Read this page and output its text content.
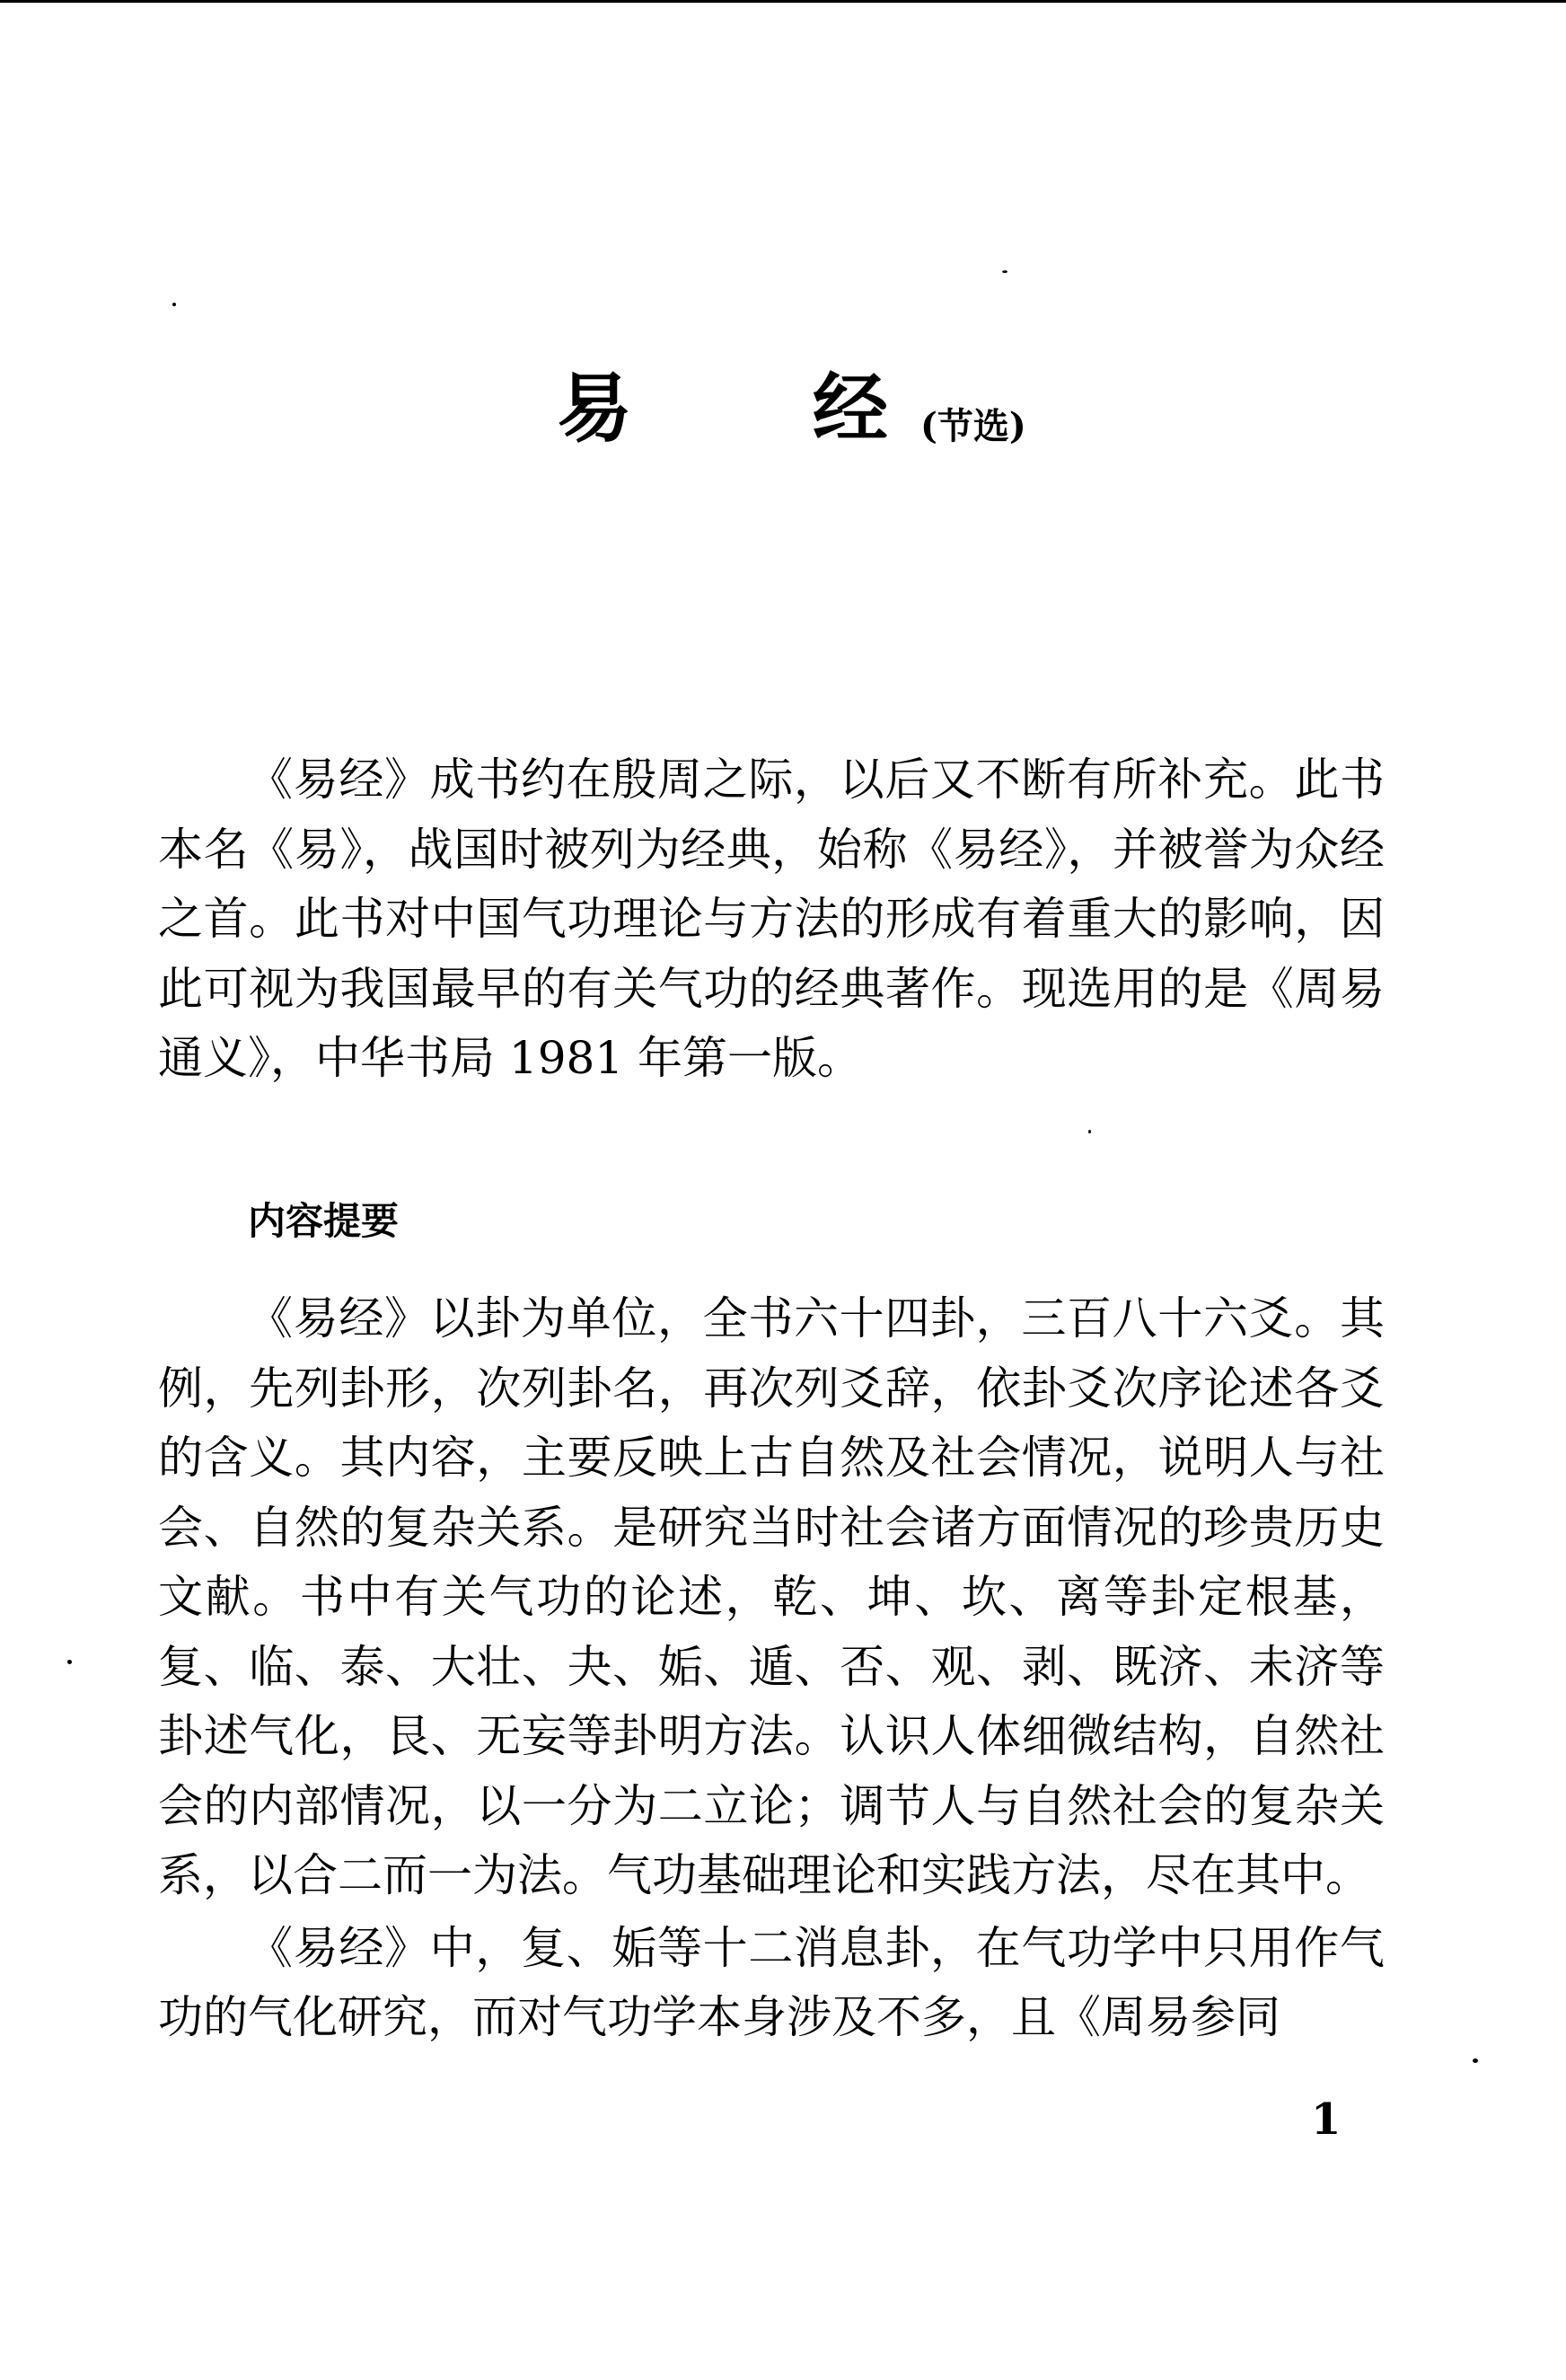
易 经 (节选)

《易经》成书约在殷周之际，以后又不断有所补充。此书本名《易》，战国时被列为经典，始称《易经》，并被誉为众经之首。此书对中国气功理论与方法的形成有着重大的影响，因此可视为我国最早的有关气功的经典著作。现选用的是《周易通义》，中华书局 1981 年第一版。

内容提要

《易经》以卦为单位，全书六十四卦，三百八十六爻。其例，先列卦形，次列卦名，再次列爻辞，依卦爻次序论述各爻的含义。其内容，主要反映上古自然及社会情况，说明人与社会、自然的复杂关系。是研究当时社会诸方面情况的珍贵历史文献。书中有关气功的论述，乾、坤、坎、离等卦定根基，复、临、泰、大壮、夬、姤、遁、否、观、剥、既济、未济等卦述气化，艮、无妄等卦明方法。认识人体细微结构，自然社会的内部情况，以一分为二立论；调节人与自然社会的复杂关系，以合二而一为法。气功基础理论和实践方法，尽在其中。

《易经》中，复、姤等十二消息卦，在气功学中只用作气功的气化研究，而对气功学本身涉及不多，且《周易参同

1
